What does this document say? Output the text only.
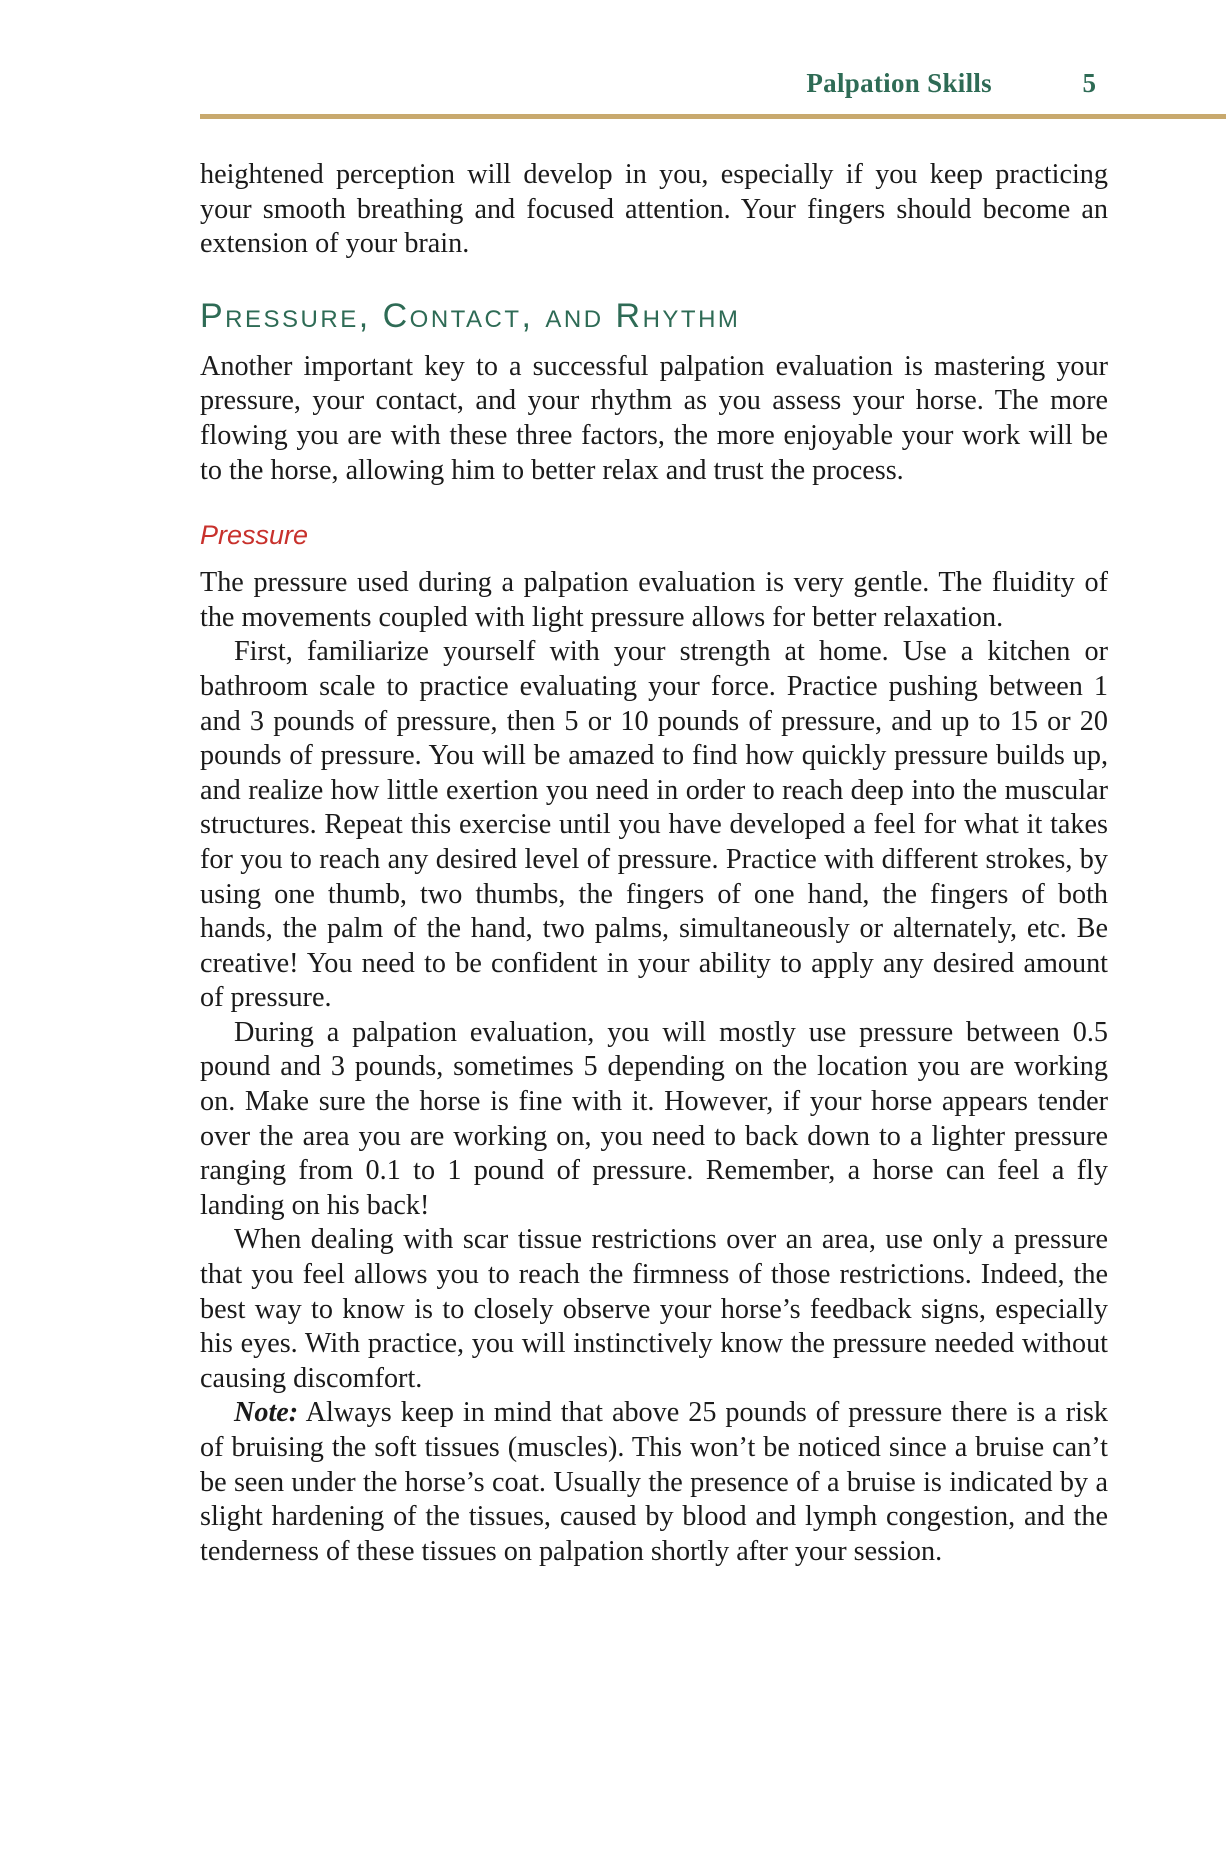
Palpation Skills	5

heightened perception will develop in you, especially if you keep practicing your smooth breathing and focused attention. Your fingers should become an extension of your brain.

Pressure, Contact, and Rhythm

Another important key to a successful palpation evaluation is mastering your pressure, your contact, and your rhythm as you assess your horse. The more flowing you are with these three factors, the more enjoyable your work will be to the horse, allowing him to better relax and trust the process.

Pressure

The pressure used during a palpation evaluation is very gentle. The fluidity of the movements coupled with light pressure allows for better relaxation.

First, familiarize yourself with your strength at home. Use a kitchen or bathroom scale to practice evaluating your force. Practice pushing between 1 and 3 pounds of pressure, then 5 or 10 pounds of pressure, and up to 15 or 20 pounds of pressure. You will be amazed to find how quickly pressure builds up, and realize how little exertion you need in order to reach deep into the muscular structures. Repeat this exercise until you have developed a feel for what it takes for you to reach any desired level of pressure. Practice with different strokes, by using one thumb, two thumbs, the fingers of one hand, the fingers of both hands, the palm of the hand, two palms, simultaneously or alternately, etc. Be creative! You need to be confident in your ability to apply any desired amount of pressure.

During a palpation evaluation, you will mostly use pressure between 0.5 pound and 3 pounds, sometimes 5 depending on the location you are working on. Make sure the horse is fine with it. However, if your horse appears tender over the area you are working on, you need to back down to a lighter pressure ranging from 0.1 to 1 pound of pressure. Remember, a horse can feel a fly landing on his back!

When dealing with scar tissue restrictions over an area, use only a pressure that you feel allows you to reach the firmness of those restrictions. Indeed, the best way to know is to closely observe your horse’s feedback signs, especially his eyes. With practice, you will instinctively know the pressure needed without causing discomfort.

Note: Always keep in mind that above 25 pounds of pressure there is a risk of bruising the soft tissues (muscles). This won’t be noticed since a bruise can’t be seen under the horse’s coat. Usually the presence of a bruise is indicated by a slight hardening of the tissues, caused by blood and lymph congestion, and the tenderness of these tissues on palpation shortly after your session.
